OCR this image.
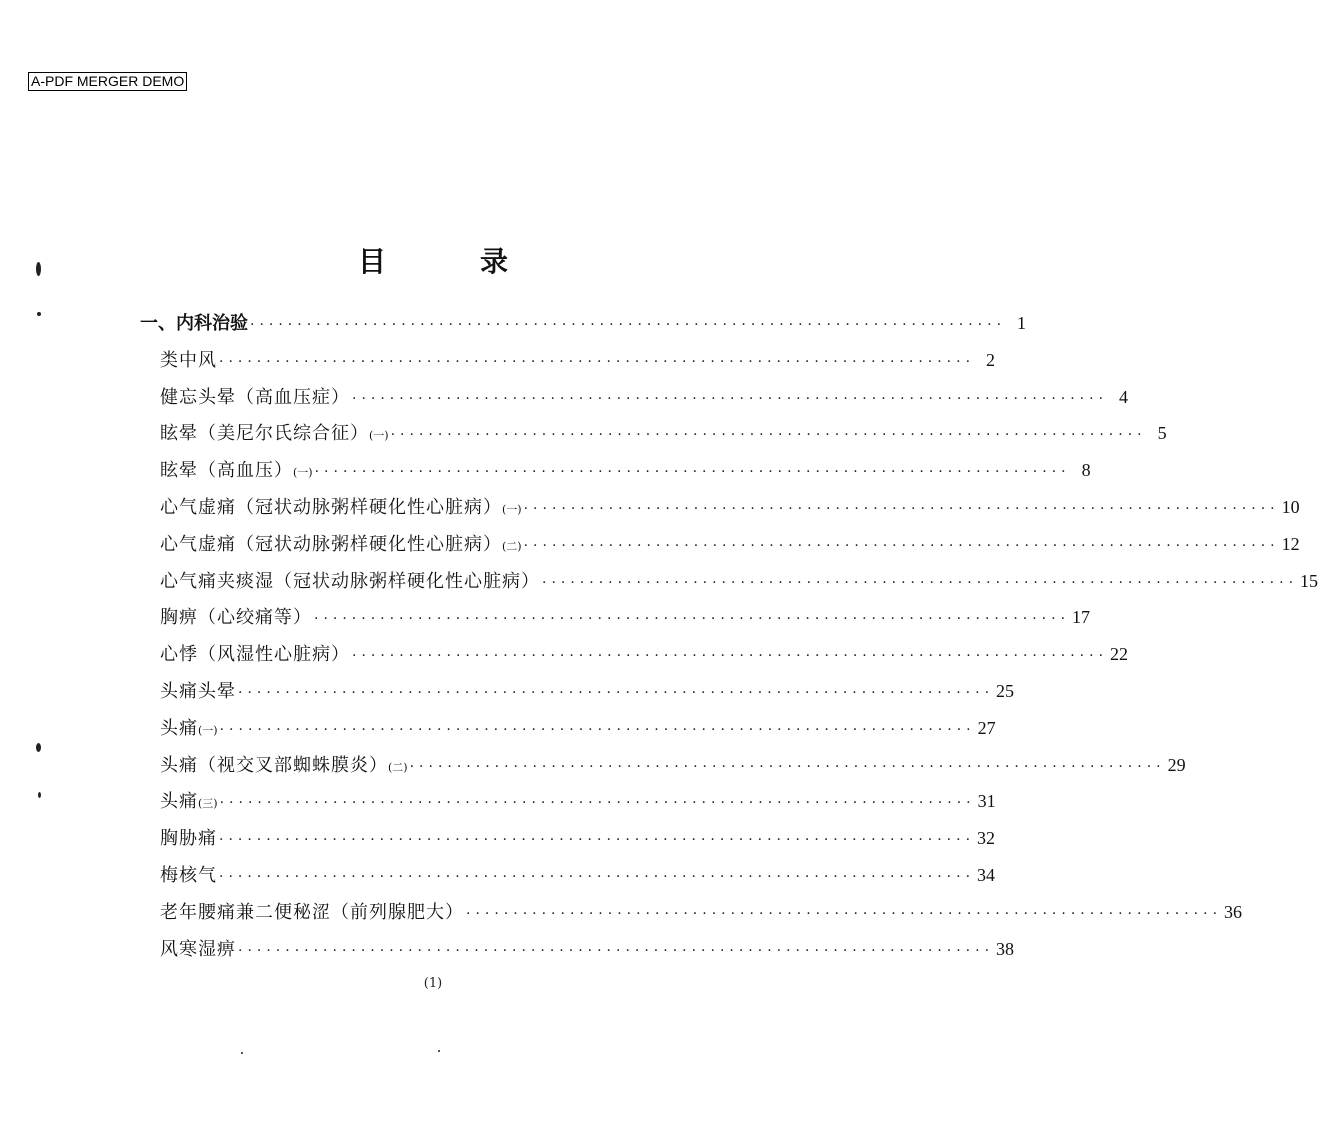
A-PDF MERGER DEMO
目	录
一、内科治验 ················································································ 1
类中风 ················································································ 2
健忘头晕（高血压症） ················································································ 4
眩晕（美尼尔氏综合征）(一) ················································································ 5
眩晕（高血压）(一) ················································································ 8
心气虚痛（冠状动脉粥样硬化性心脏病）(一) ················································································ 10
心气虚痛（冠状动脉粥样硬化性心脏病）(二) ················································································ 12
心气痛夹痰湿（冠状动脉粥样硬化性心脏病） ················································································ 15
胸痹（心绞痛等） ················································································ 17
心悸（风湿性心脏病） ················································································ 22
头痛头晕 ················································································ 25
头痛(一) ················································································ 27
头痛（视交叉部蜘蛛膜炎）(二) ················································································ 29
头痛(三) ················································································ 31
胸胁痛 ················································································ 32
梅核气 ················································································ 34
老年腰痛兼二便秘涩（前列腺肥大） ················································································ 36
风寒湿痹 ················································································ 38
(1)
